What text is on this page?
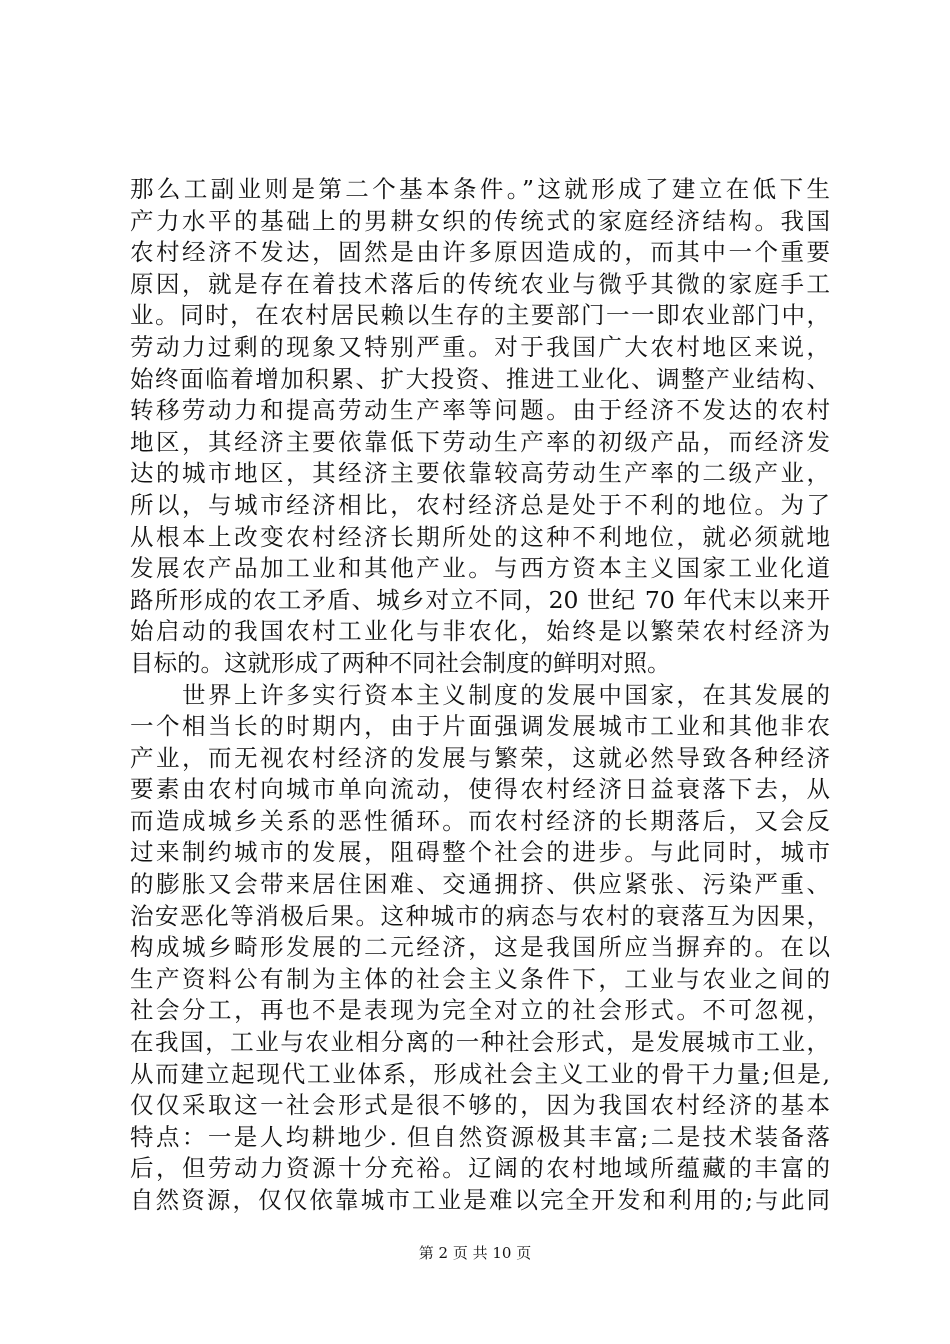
那么工副业则是第二个基本条件。”这就形成了建立在低下生
产力水平的基础上的男耕女织的传统式的家庭经济结构。我国
农村经济不发达，固然是由许多原因造成的，而其中一个重要
原因，就是存在着技术落后的传统农业与微乎其微的家庭手工
业。同时，在农村居民赖以生存的主要部门一一即农业部门中，
劳动力过剩的现象又特别严重。对于我国广大农村地区来说，
始终面临着增加积累、扩大投资、推进工业化、调整产业结构、
转移劳动力和提高劳动生产率等问题。由于经济不发达的农村
地区，其经济主要依靠低下劳动生产率的初级产品，而经济发
达的城市地区，其经济主要依靠较高劳动生产率的二级产业，
所以，与城市经济相比，农村经济总是处于不利的地位。为了
从根本上改变农村经济长期所处的这种不利地位，就必须就地
发展农产品加工业和其他产业。与西方资本主义国家工业化道
路所形成的农工矛盾、城乡对立不同，20 世纪 70 年代末以来开
始启动的我国农村工业化与非农化，始终是以繁荣农村经济为
目标的。这就形成了两种不同社会制度的鲜明对照。
　　世界上许多实行资本主义制度的发展中国家，在其发展的
一个相当长的时期内，由于片面强调发展城市工业和其他非农
产业，而无视农村经济的发展与繁荣，这就必然导致各种经济
要素由农村向城市单向流动，使得农村经济日益衰落下去，从
而造成城乡关系的恶性循环。而农村经济的长期落后，又会反
过来制约城市的发展，阻碍整个社会的进步。与此同时，城市
的膨胀又会带来居住困难、交通拥挤、供应紧张、污染严重、
治安恶化等消极后果。这种城市的病态与农村的衰落互为因果，
构成城乡畸形发展的二元经济，这是我国所应当摒弃的。在以
生产资料公有制为主体的社会主义条件下，工业与农业之间的
社会分工，再也不是表现为完全对立的社会形式。不可忽视，
在我国，工业与农业相分离的一种社会形式，是发展城市工业，
从而建立起现代工业体系，形成社会主义工业的骨干力量;但是,
仅仅采取这一社会形式是很不够的，因为我国农村经济的基本
特点：一是人均耕地少. 但自然资源极其丰富;二是技术装备落
后，但劳动力资源十分充裕。辽阔的农村地域所蕴藏的丰富的
自然资源，仅仅依靠城市工业是难以完全开发和利用的;与此同
第 2 页 共 10 页
